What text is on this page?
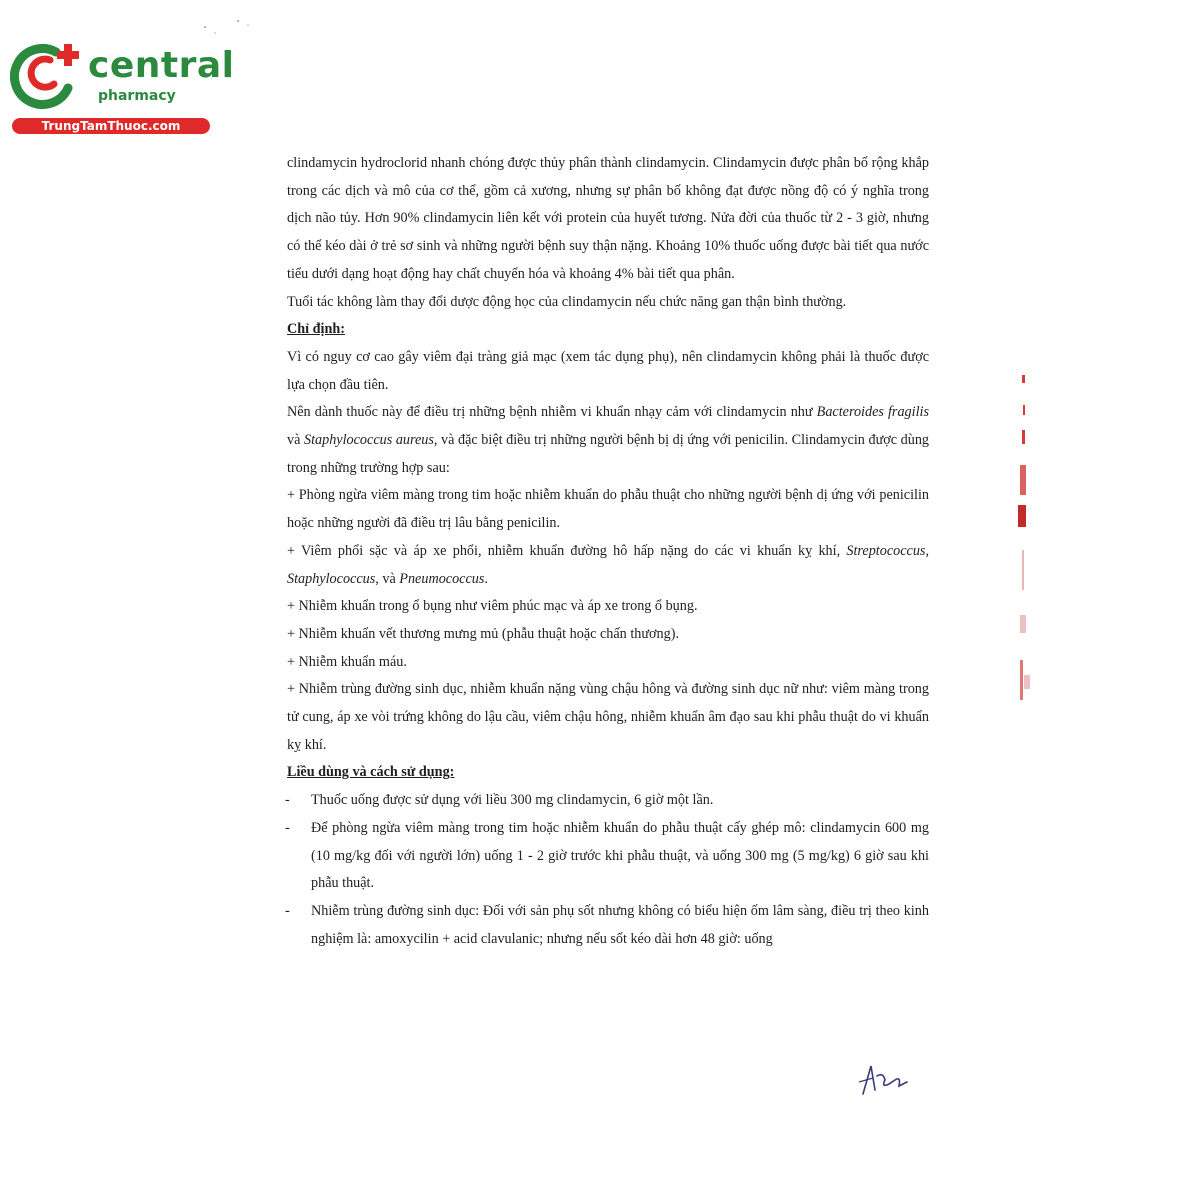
central
pharmacy
TrungTamThuoc.com

clindamycin hydroclorid nhanh chóng được thủy phân thành clindamycin. Clindamycin được phân bố rộng khắp trong các dịch và mô của cơ thể, gồm cả xương, nhưng sự phân bố không đạt được nồng độ có ý nghĩa trong dịch não tủy. Hơn 90% clindamycin liên kết với protein của huyết tương. Nửa đời của thuốc từ 2 - 3 giờ, nhưng có thể kéo dài ở trẻ sơ sinh và những người bệnh suy thận nặng. Khoảng 10% thuốc uống được bài tiết qua nước tiểu dưới dạng hoạt động hay chất chuyển hóa và khoảng 4% bài tiết qua phân.

Tuổi tác không làm thay đổi dược động học của clindamycin nếu chức năng gan thận bình thường.

Chỉ định:

Vì có nguy cơ cao gây viêm đại tràng giả mạc (xem tác dụng phụ), nên clindamycin không phải là thuốc được lựa chọn đầu tiên.

Nên dành thuốc này để điều trị những bệnh nhiễm vi khuẩn nhạy cảm với clindamycin như Bacteroides fragilis và Staphylococcus aureus, và đặc biệt điều trị những người bệnh bị dị ứng với penicilin. Clindamycin được dùng trong những trường hợp sau:

+ Phòng ngừa viêm màng trong tim hoặc nhiễm khuẩn do phẫu thuật cho những người bệnh dị ứng với penicilin hoặc những người đã điều trị lâu bằng penicilin.

+ Viêm phổi sặc và áp xe phổi, nhiễm khuẩn đường hô hấp nặng do các vi khuẩn kỵ khí, Streptococcus, Staphylococcus, và Pneumococcus.

+ Nhiễm khuẩn trong ổ bụng như viêm phúc mạc và áp xe trong ổ bụng.

+ Nhiễm khuẩn vết thương mưng mủ (phẫu thuật hoặc chấn thương).

+ Nhiễm khuẩn máu.

+ Nhiễm trùng đường sinh dục, nhiễm khuẩn nặng vùng chậu hông và đường sinh dục nữ như: viêm màng trong tử cung, áp xe vòi trứng không do lậu cầu, viêm chậu hông, nhiễm khuẩn âm đạo sau khi phẫu thuật do vi khuẩn kỵ khí.

Liều dùng và cách sử dụng:

- Thuốc uống được sử dụng với liều 300 mg clindamycin, 6 giờ một lần.

- Để phòng ngừa viêm màng trong tim hoặc nhiễm khuẩn do phẫu thuật cấy ghép mô: clindamycin 600 mg (10 mg/kg đối với người lớn) uống 1 - 2 giờ trước khi phẫu thuật, và uống 300 mg (5 mg/kg) 6 giờ sau khi phẫu thuật.

- Nhiễm trùng đường sinh dục: Đối với sản phụ sốt nhưng không có biểu hiện ốm lâm sàng, điều trị theo kinh nghiệm là: amoxycilin + acid clavulanic; nhưng nếu sốt kéo dài hơn 48 giờ: uống
